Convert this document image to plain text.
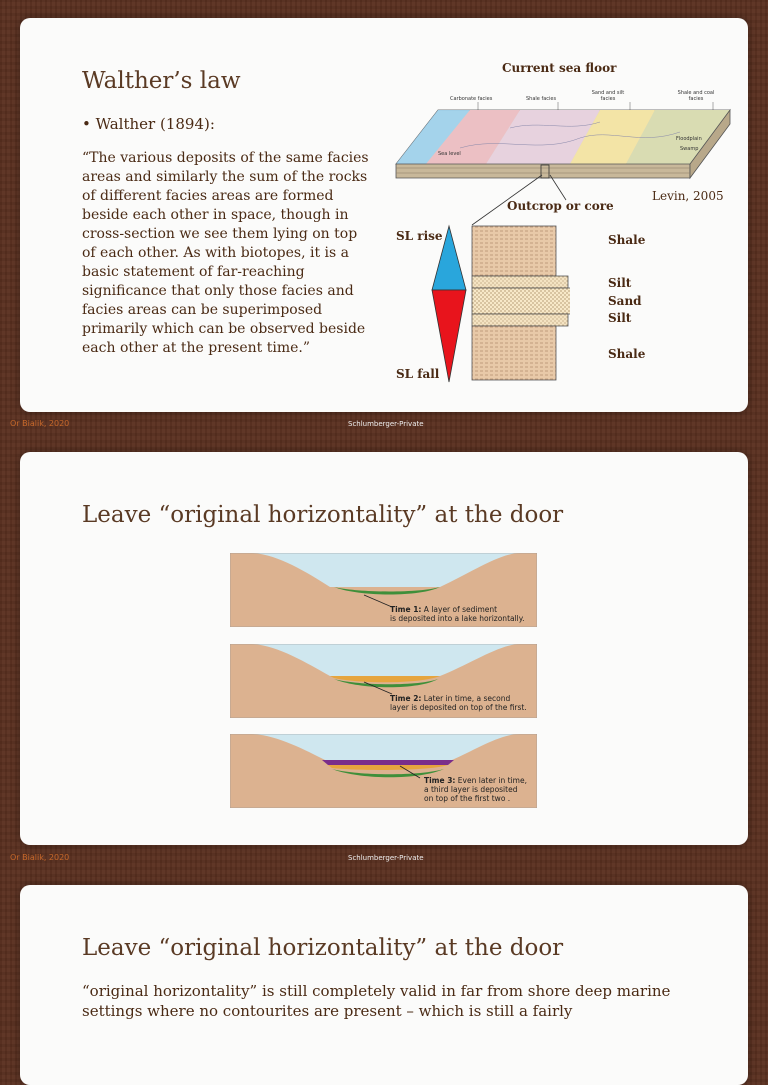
Walther’s law
• Walther (1894):
“The various deposits of the same facies areas and similarly the sum of the rocks of different facies areas are formed beside each other in space, though in cross-section we see them lying on top of each other. As with biotopes, it is a basic statement of far-reaching significance that only those facies and facies areas can be superimposed primarily which can be observed beside each other at the present time.”
Current sea floor
Carbonate facies	Shale facies
Sand and silt facies
Shale and coal facies
Sea level
Floodplain
Swamp
Levin, 2005
Outcrop or core
SL rise
SL fall
Shale
Silt
Sand
Silt
Shale
Or Bialik, 2020	Schlumberger-Private
Leave “original horizontality” at the door
Time 1: A layer of sediment
is deposited into a lake horizontally.
Time 2: Later in time, a second
layer is deposited on top of the first.
Time 3: Even later in time,
a third layer is deposited
on top of the first two .
Or Bialik, 2020	Schlumberger-Private
Leave “original horizontality” at the door
“original horizontality” is still completely valid in far from shore deep marine settings where no contourites are present – which is still a fairly
